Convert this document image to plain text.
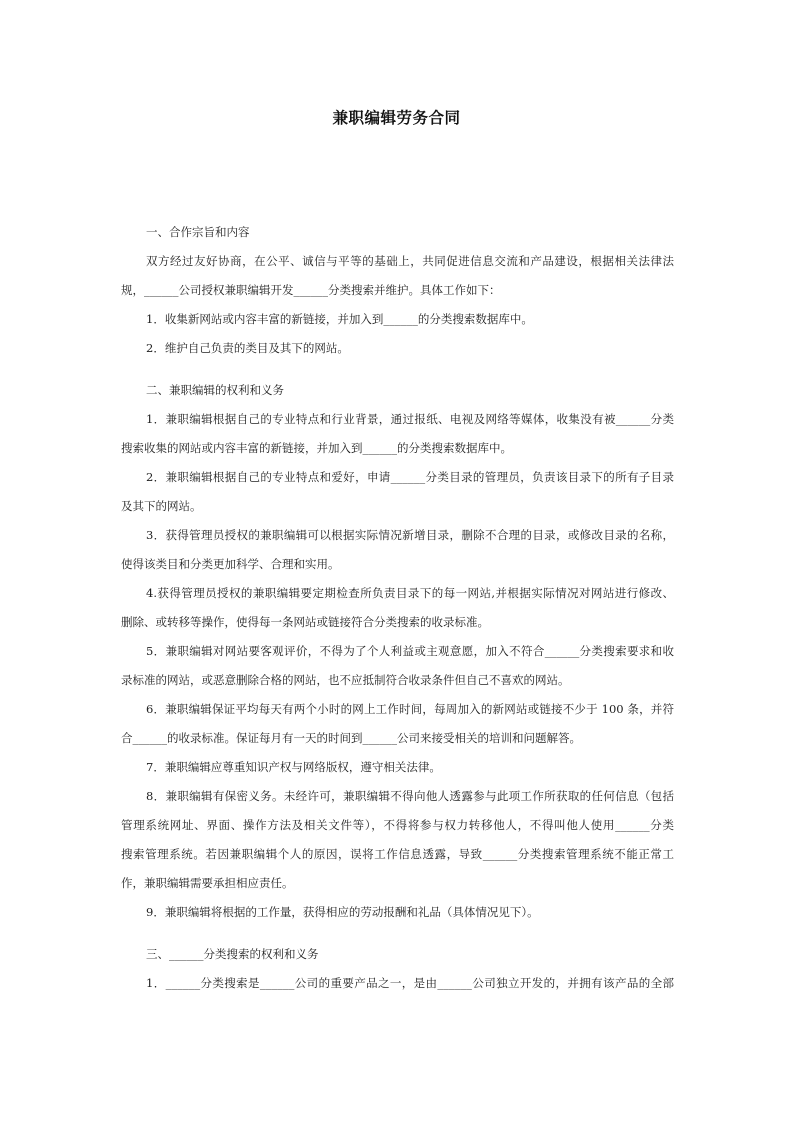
兼职编辑劳务合同
一、合作宗旨和内容
双方经过友好协商，在公平、诚信与平等的基础上，共同促进信息交流和产品建设，根据相关法律法
规，______公司授权兼职编辑开发______分类搜索并维护。具体工作如下：
1．收集新网站或内容丰富的新链接，并加入到______的分类搜索数据库中。
2．维护自己负责的类目及其下的网站。
二、兼职编辑的权利和义务
1．兼职编辑根据自己的专业特点和行业背景，通过报纸、电视及网络等媒体，收集没有被______分类
搜索收集的网站或内容丰富的新链接，并加入到______的分类搜索数据库中。
2．兼职编辑根据自己的专业特点和爱好，申请______分类目录的管理员，负责该目录下的所有子目录
及其下的网站。
3．获得管理员授权的兼职编辑可以根据实际情况新增目录，删除不合理的目录，或修改目录的名称，
使得该类目和分类更加科学、合理和实用。
4.获得管理员授权的兼职编辑要定期检查所负责目录下的每一网站,并根据实际情况对网站进行修改、
删除、或转移等操作，使得每一条网站或链接符合分类搜索的收录标准。
5．兼职编辑对网站要客观评价，不得为了个人利益或主观意愿，加入不符合______分类搜索要求和收
录标准的网站，或恶意删除合格的网站，也不应抵制符合收录条件但自己不喜欢的网站。
6．兼职编辑保证平均每天有两个小时的网上工作时间，每周加入的新网站或链接不少于 100 条，并符
合______的收录标准。保证每月有一天的时间到______公司来接受相关的培训和问题解答。
7．兼职编辑应尊重知识产权与网络版权，遵守相关法律。
8．兼职编辑有保密义务。未经许可，兼职编辑不得向他人透露参与此项工作所获取的任何信息（包括
管理系统网址、界面、操作方法及相关文件等），不得将参与权力转移他人，不得叫他人使用______分类
搜索管理系统。若因兼职编辑个人的原因，误将工作信息透露，导致______分类搜索管理系统不能正常工
作，兼职编辑需要承担相应责任。
9．兼职编辑将根据的工作量，获得相应的劳动报酬和礼品（具体情况见下）。
三、______分类搜索的权利和义务
1．______分类搜索是______公司的重要产品之一，是由______公司独立开发的，并拥有该产品的全部
